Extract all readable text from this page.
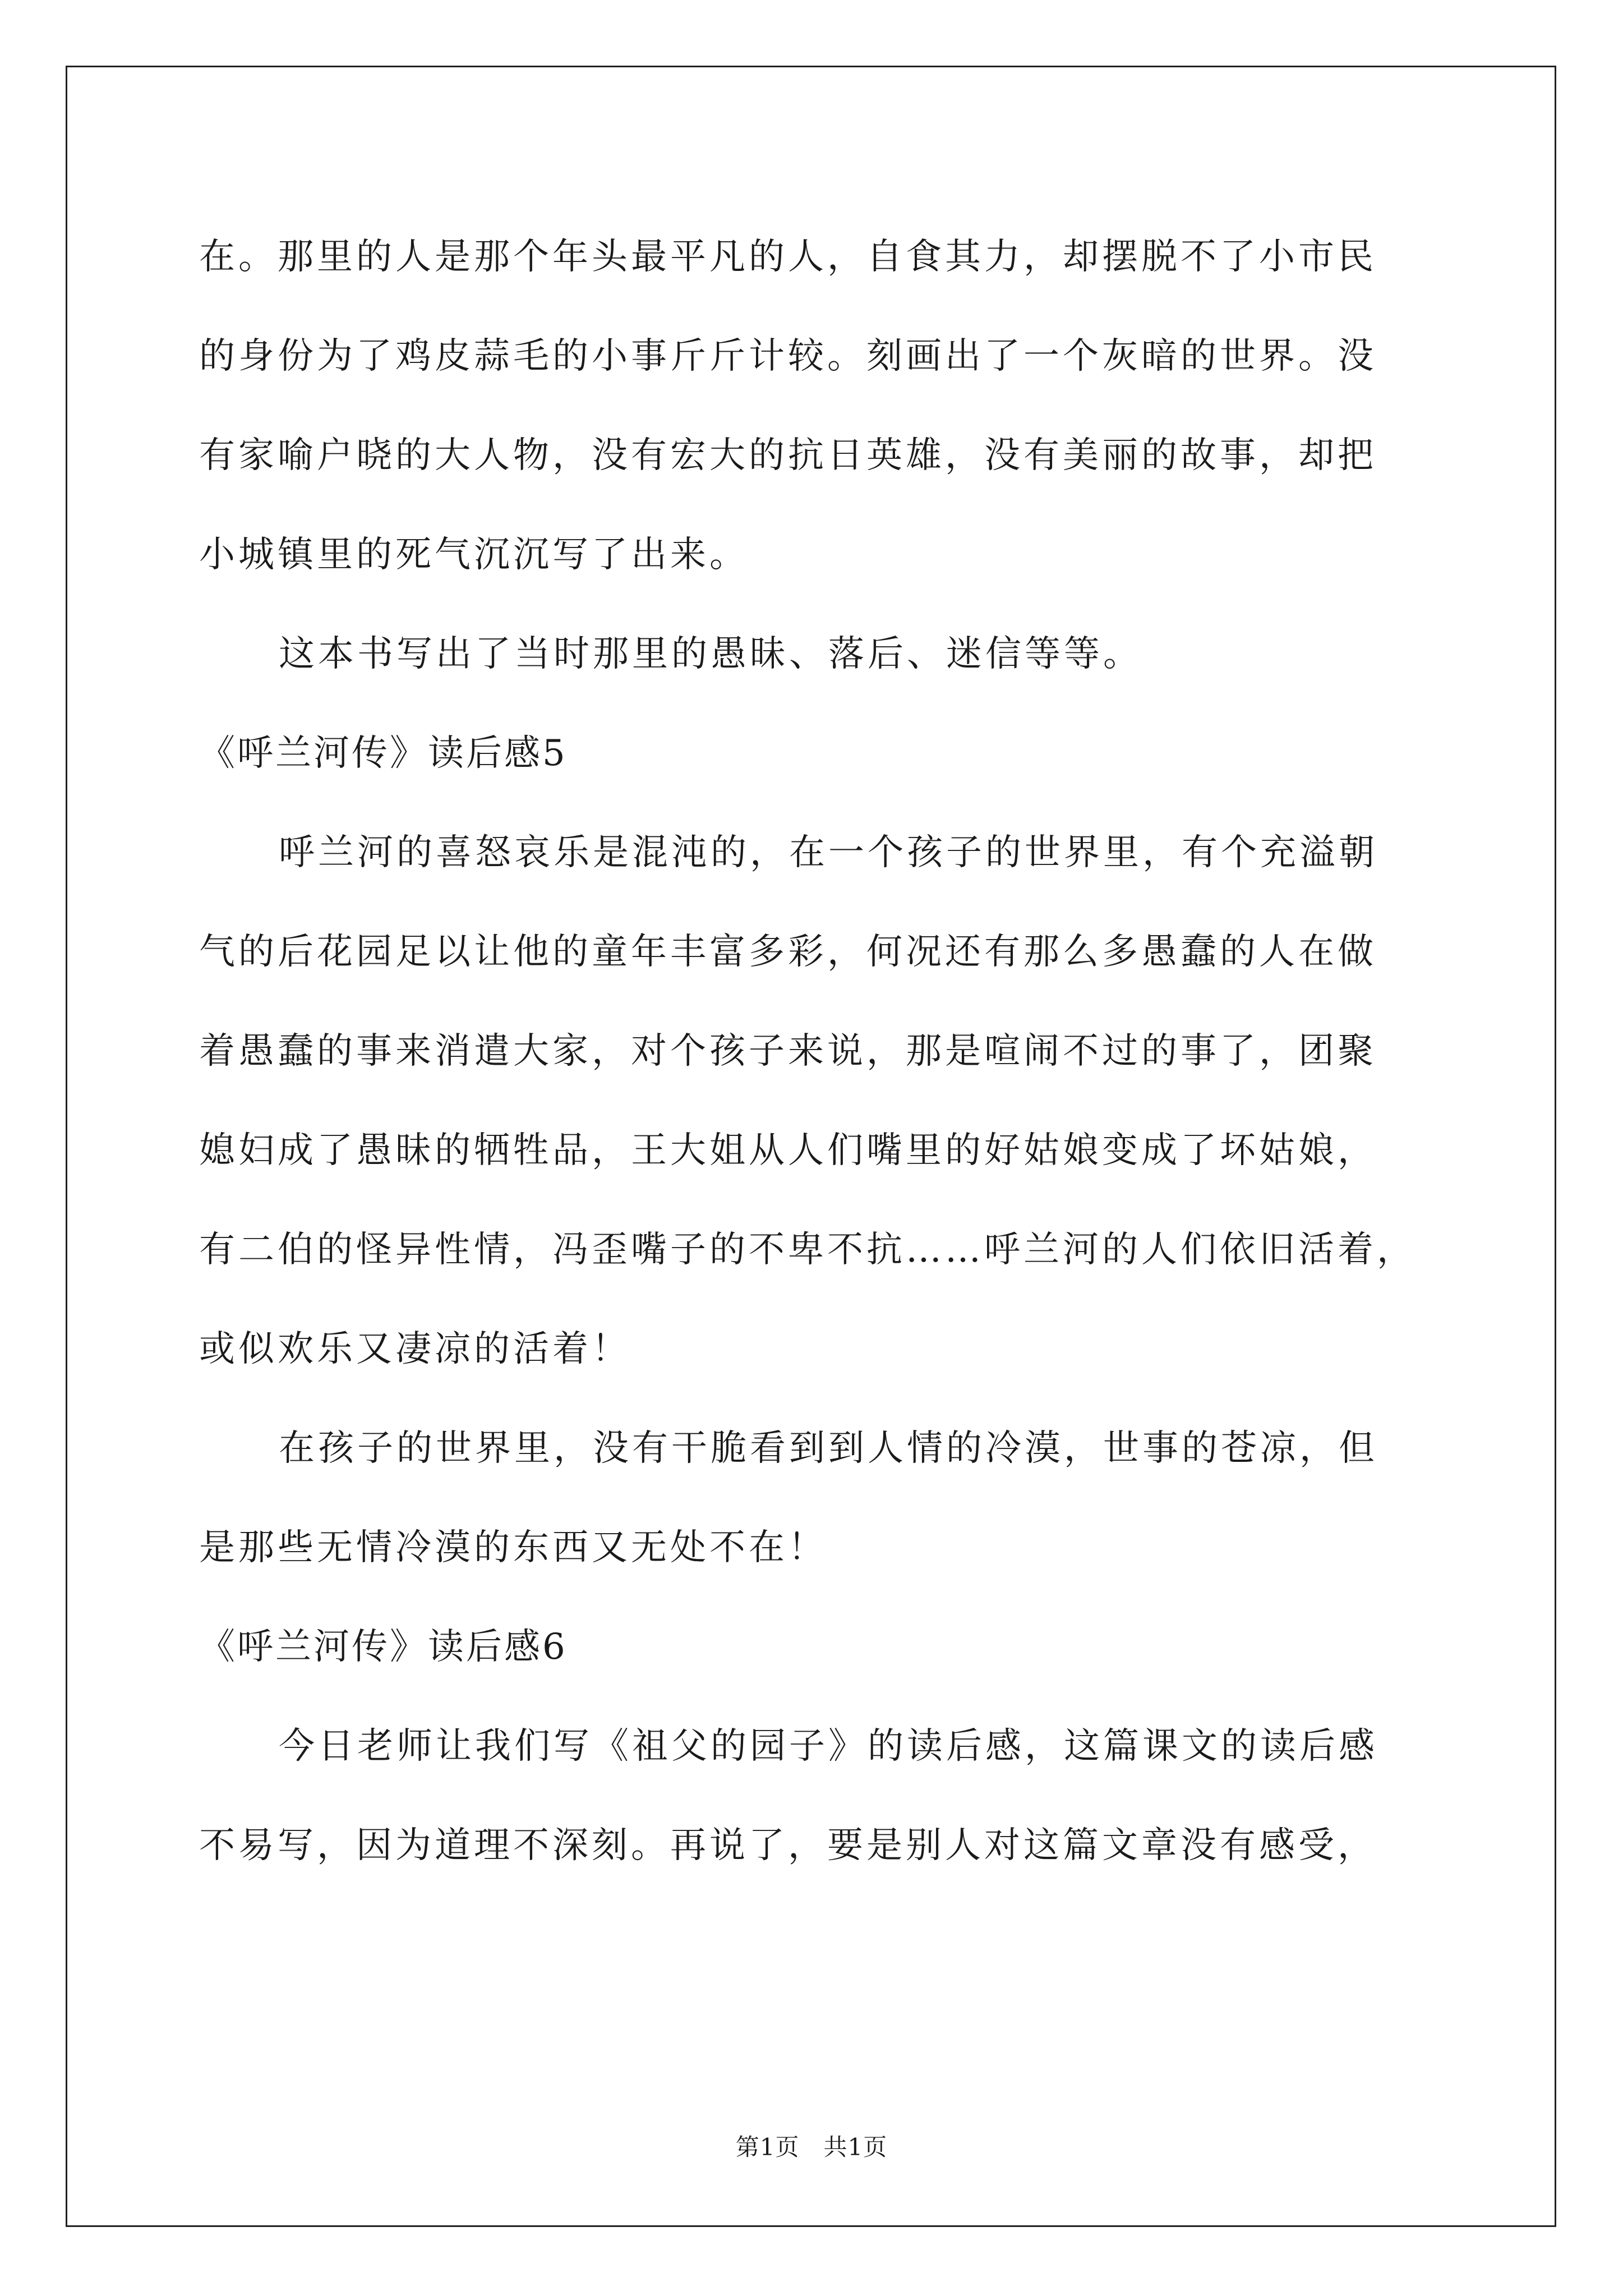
在。那里的人是那个年头最平凡的人，自食其力，却摆脱不了小市民
的身份为了鸡皮蒜毛的小事斤斤计较。刻画出了一个灰暗的世界。没
有家喻户晓的大人物，没有宏大的抗日英雄，没有美丽的故事，却把
小城镇里的死气沉沉写了出来。
这本书写出了当时那里的愚昧、落后、迷信等等。
《呼兰河传》读后感5
呼兰河的喜怒哀乐是混沌的，在一个孩子的世界里，有个充溢朝
气的后花园足以让他的童年丰富多彩，何况还有那么多愚蠢的人在做
着愚蠢的事来消遣大家，对个孩子来说，那是喧闹不过的事了，团聚
媳妇成了愚昧的牺牲品，王大姐从人们嘴里的好姑娘变成了坏姑娘，
有二伯的怪异性情，冯歪嘴子的不卑不抗……呼兰河的人们依旧活着，
或似欢乐又凄凉的活着！
在孩子的世界里，没有干脆看到到人情的冷漠，世事的苍凉，但
是那些无情冷漠的东西又无处不在！
《呼兰河传》读后感6
今日老师让我们写《祖父的园子》的读后感，这篇课文的读后感
不易写，因为道理不深刻。再说了，要是别人对这篇文章没有感受，
第1页　共1页
